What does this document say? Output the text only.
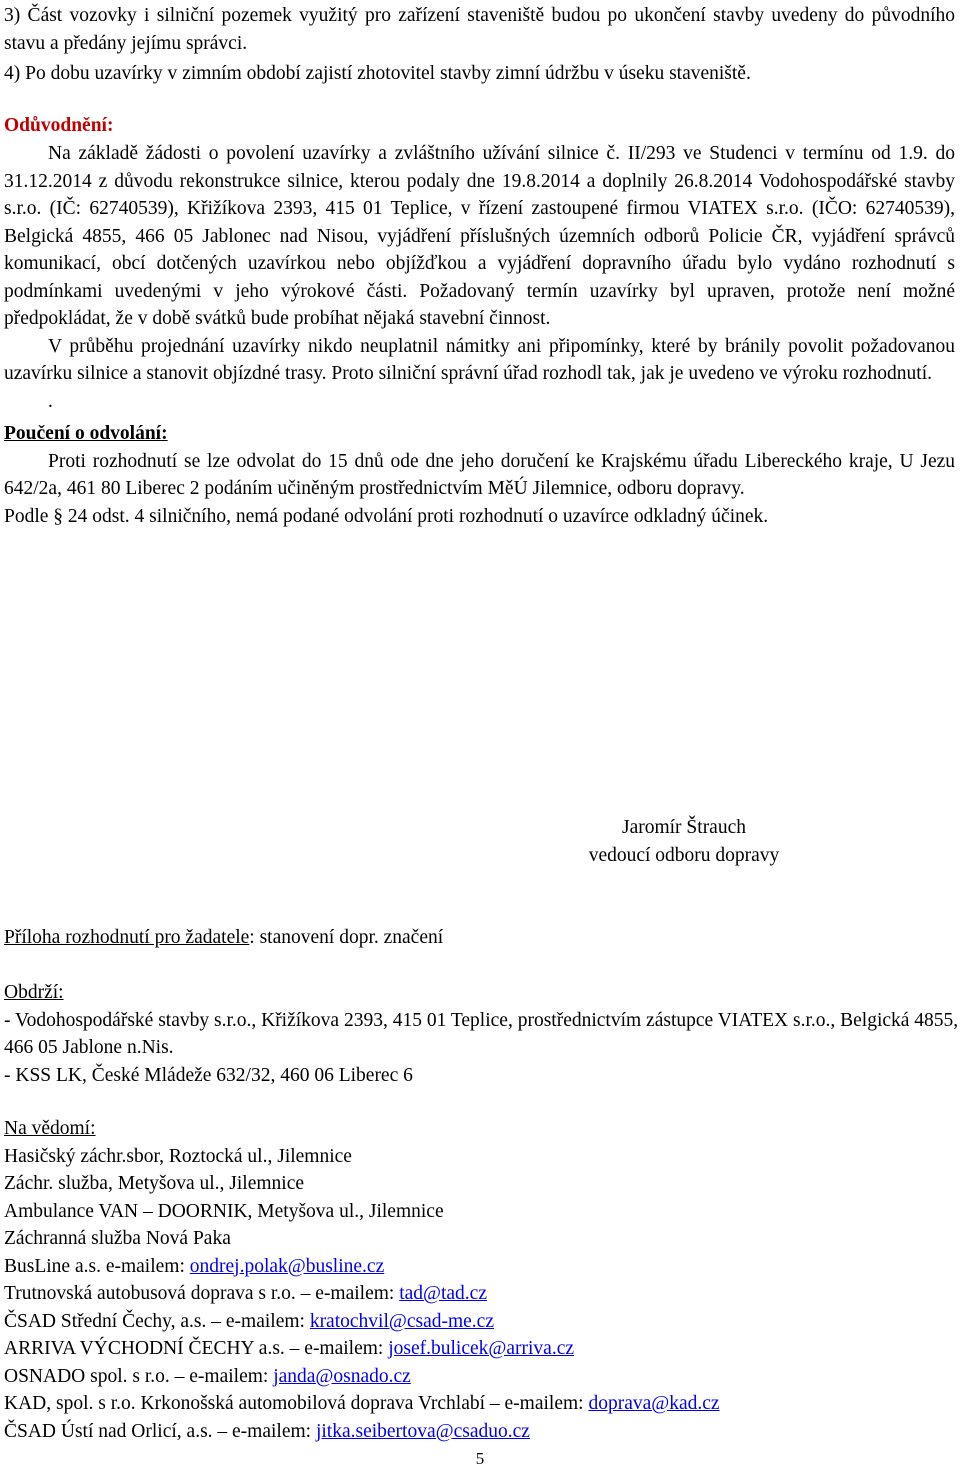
3) Část vozovky i silniční pozemek využitý pro zařízení staveniště budou po ukončení stavby uvedeny do původního stavu a předány jejímu správci.

4) Po dobu uzavírky v zimním období zajistí zhotovitel stavby zimní údržbu v úseku staveniště.

Odůvodnění:

Na základě žádosti o povolení uzavírky a zvláštního užívání silnice č. II/293 ve Studenci v termínu od 1.9. do 31.12.2014 z důvodu rekonstrukce silnice, kterou podaly dne 19.8.2014 a doplnily 26.8.2014 Vodohospodářské stavby s.r.o. (IČ: 62740539), Křižíkova 2393, 415 01 Teplice, v řízení zastoupené firmou VIATEX s.r.o. (IČO: 62740539), Belgická 4855, 466 05 Jablonec nad Nisou, vyjádření příslušných územních odborů Policie ČR, vyjádření správců komunikací, obcí dotčených uzavírkou nebo objížďkou a vyjádření dopravního úřadu bylo vydáno rozhodnutí s podmínkami uvedenými v jeho výrokové části. Požadovaný termín uzavírky byl upraven, protože není možné předpokládat, že v době svátků bude probíhat nějaká stavební činnost.

V průběhu projednání uzavírky nikdo neuplatnil námitky ani připomínky, které by bránily povolit požadovanou uzavírku silnice a stanovit objízdné trasy. Proto silniční správní úřad rozhodl tak, jak je uvedeno ve výroku rozhodnutí.

.

Poučení o odvolání:

Proti rozhodnutí se lze odvolat do 15 dnů ode dne jeho doručení ke Krajskému úřadu Libereckého kraje, U Jezu 642/2a, 461 80 Liberec 2 podáním učiněným prostřednictvím MěÚ Jilemnice, odboru dopravy.

Podle § 24 odst. 4 silničního, nemá podané odvolání proti rozhodnutí o uzavírce odkladný účinek.

Jaromír Štrauch
vedoucí odboru dopravy
Příloha rozhodnutí pro žadatele: stanovení dopr. značení
Obdrží:

- Vodohospodářské stavby s.r.o., Křižíkova 2393, 415 01 Teplice, prostřednictvím zástupce VIATEX s.r.o., Belgická 4855, 466 05 Jablone n.Nis.

- KSS LK, České Mládeže 632/32, 460 06 Liberec 6

Na vědomí:
Hasičský záchr.sbor, Roztocká ul., Jilemnice
Záchr. služba, Metyšova ul., Jilemnice
Ambulance VAN – DOORNIK, Metyšova ul., Jilemnice
Záchranná služba Nová Paka
BusLine a.s. e-mailem: ondrej.polak@busline.cz
Trutnovská autobusová doprava s r.o. – e-mailem: tad@tad.cz
ČSAD Střední Čechy, a.s. – e-mailem: kratochvil@csad-me.cz
ARRIVA VÝCHODNÍ ČECHY a.s. – e-mailem: josef.bulicek@arriva.cz
OSNADO spol. s r.o. – e-mailem: janda@osnado.cz
KAD, spol. s r.o. Krkonošská automobilová doprava Vrchlabí – e-mailem: doprava@kad.cz
ČSAD Ústí nad Orlicí, a.s. – e-mailem: jitka.seibertova@csaduo.cz
5
